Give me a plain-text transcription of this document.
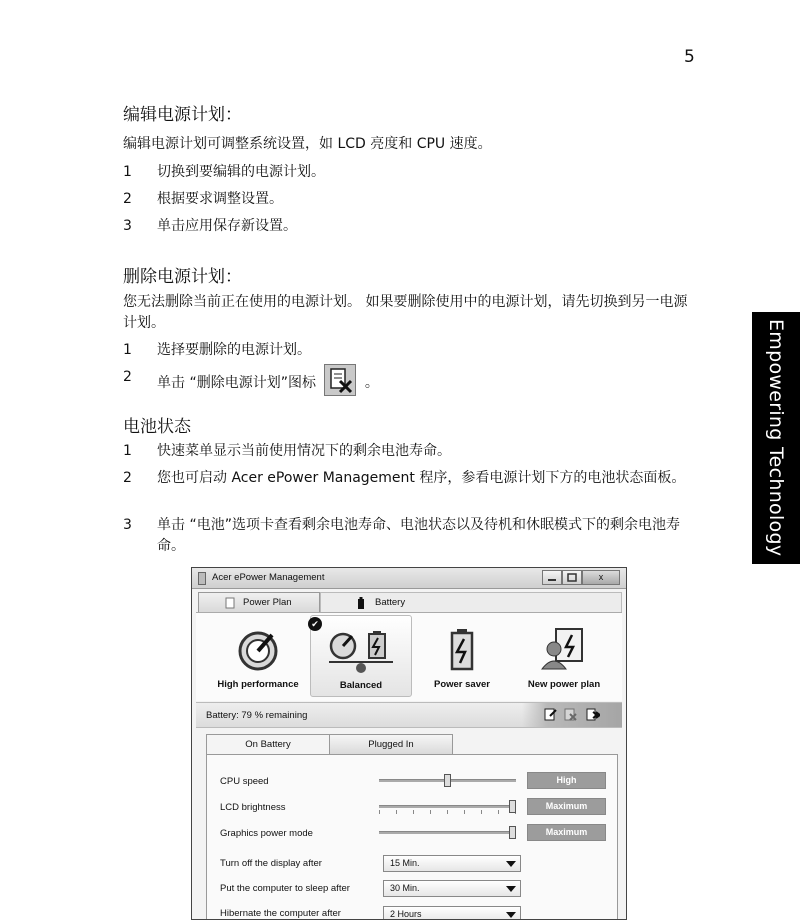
5
Empowering Technology
编辑电源计划：
编辑电源计划可调整系统设置，如 LCD 亮度和 CPU 速度。
1	切换到要编辑的电源计划。
2	根据要求调整设置。
3	单击应用保存新设置。
删除电源计划：
您无法删除当前正在使用的电源计划。 如果要删除使用中的电源计划，请先切换到另一电源计划。
1	选择要删除的电源计划。
2	单击 “删除电源计划”图标	。
电池状态
1	快速菜单显示当前使用情况下的剩余电池寿命。
2	您也可启动 Acer ePower Management 程序，参看电源计划下方的电池状态面板。
3	单击 “电池”选项卡查看剩余电池寿命、电池状态以及待机和休眠模式下的剩余电池寿命。
Acer ePower Management	x
Power Plan	Battery
High performance	Balanced	Power saver	New power plan
✔
Battery: 79 % remaining
On Battery	Plugged In
CPU speed	High
LCD brightness	Maximum
Graphics power mode	Maximum
Turn off the display after	15 Min.
Put the computer to sleep after	30 Min.
Hibernate the computer after	2 Hours
